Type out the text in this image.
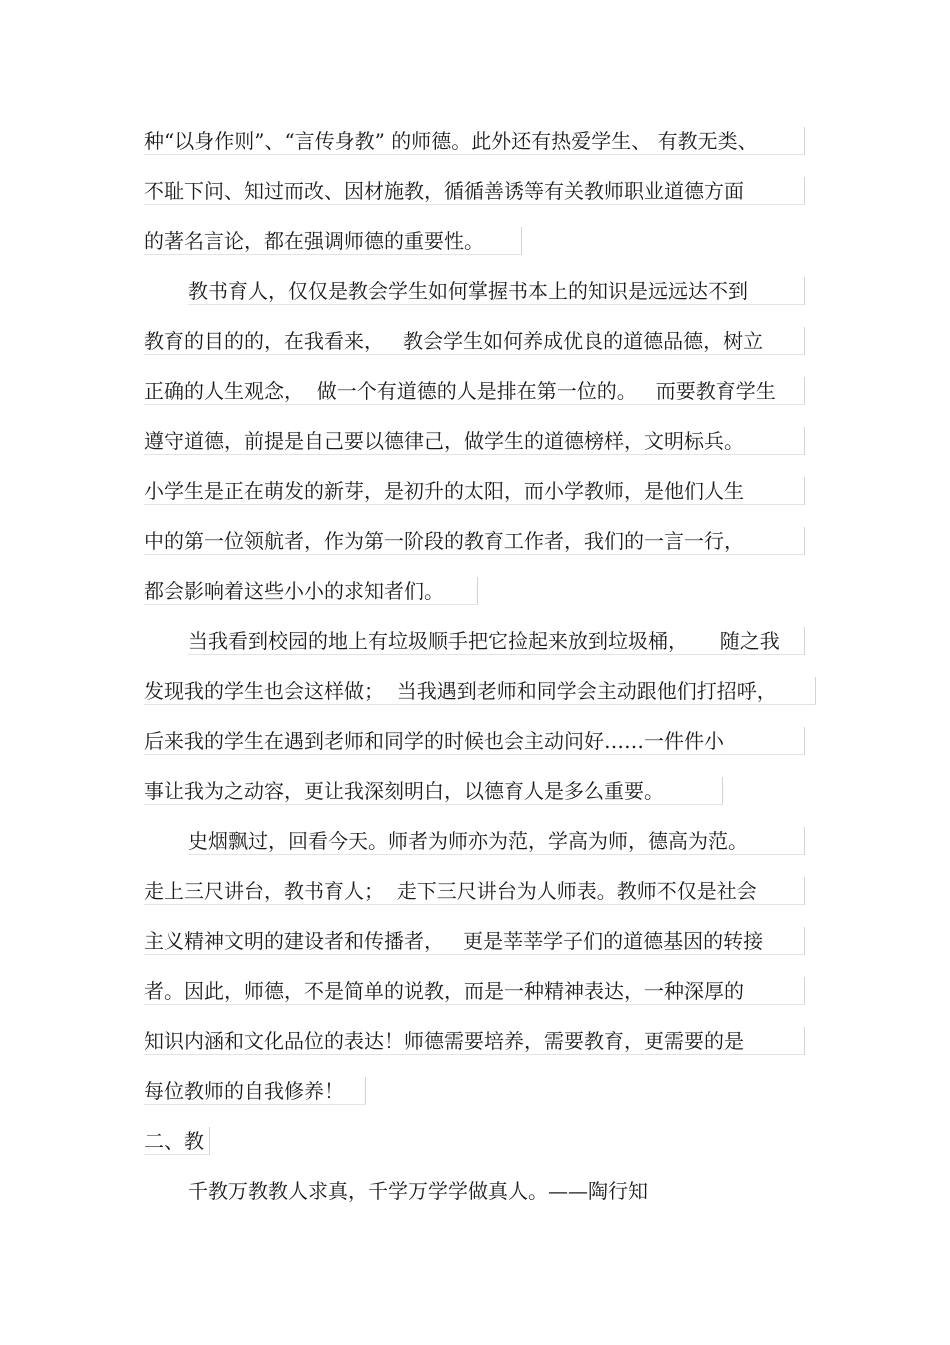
种“以身作则”、“言传身教” 的师德。此外还有热爱学生、 有教无类、
不耻下问、知过而改、因材施教，循循善诱等有关教师职业道德方面
的著名言论，都在强调师德的重要性。
教书育人，仅仅是教会学生如何掌握书本上的知识是远远达不到
教育的目的的，在我看来，   教会学生如何养成优良的道德品德，树立
正确的人生观念，  做一个有道德的人是排在第一位的。   而要教育学生
遵守道德，前提是自己要以德律己，做学生的道德榜样，文明标兵。
小学生是正在萌发的新芽，是初升的太阳，而小学教师，是他们人生
中的第一位领航者，作为第一阶段的教育工作者，我们的一言一行，
都会影响着这些小小的求知者们。
当我看到校园的地上有垃圾顺手把它捡起来放到垃圾桶，     随之我
发现我的学生也会这样做；  当我遇到老师和同学会主动跟他们打招呼，
后来我的学生在遇到老师和同学的时候也会主动问好……一件件小
事让我为之动容，更让我深刻明白，以德育人是多么重要。
史烟飘过，回看今天。师者为师亦为范，学高为师，德高为范。
走上三尺讲台，教书育人；  走下三尺讲台为人师表。教师不仅是社会
主义精神文明的建设者和传播者，   更是莘莘学子们的道德基因的转接
者。因此，师德，不是简单的说教，而是一种精神表达，一种深厚的
知识内涵和文化品位的表达！师德需要培养，需要教育，更需要的是
每位教师的自我修养！
二、教
千教万教教人求真，千学万学学做真人。——陶行知
